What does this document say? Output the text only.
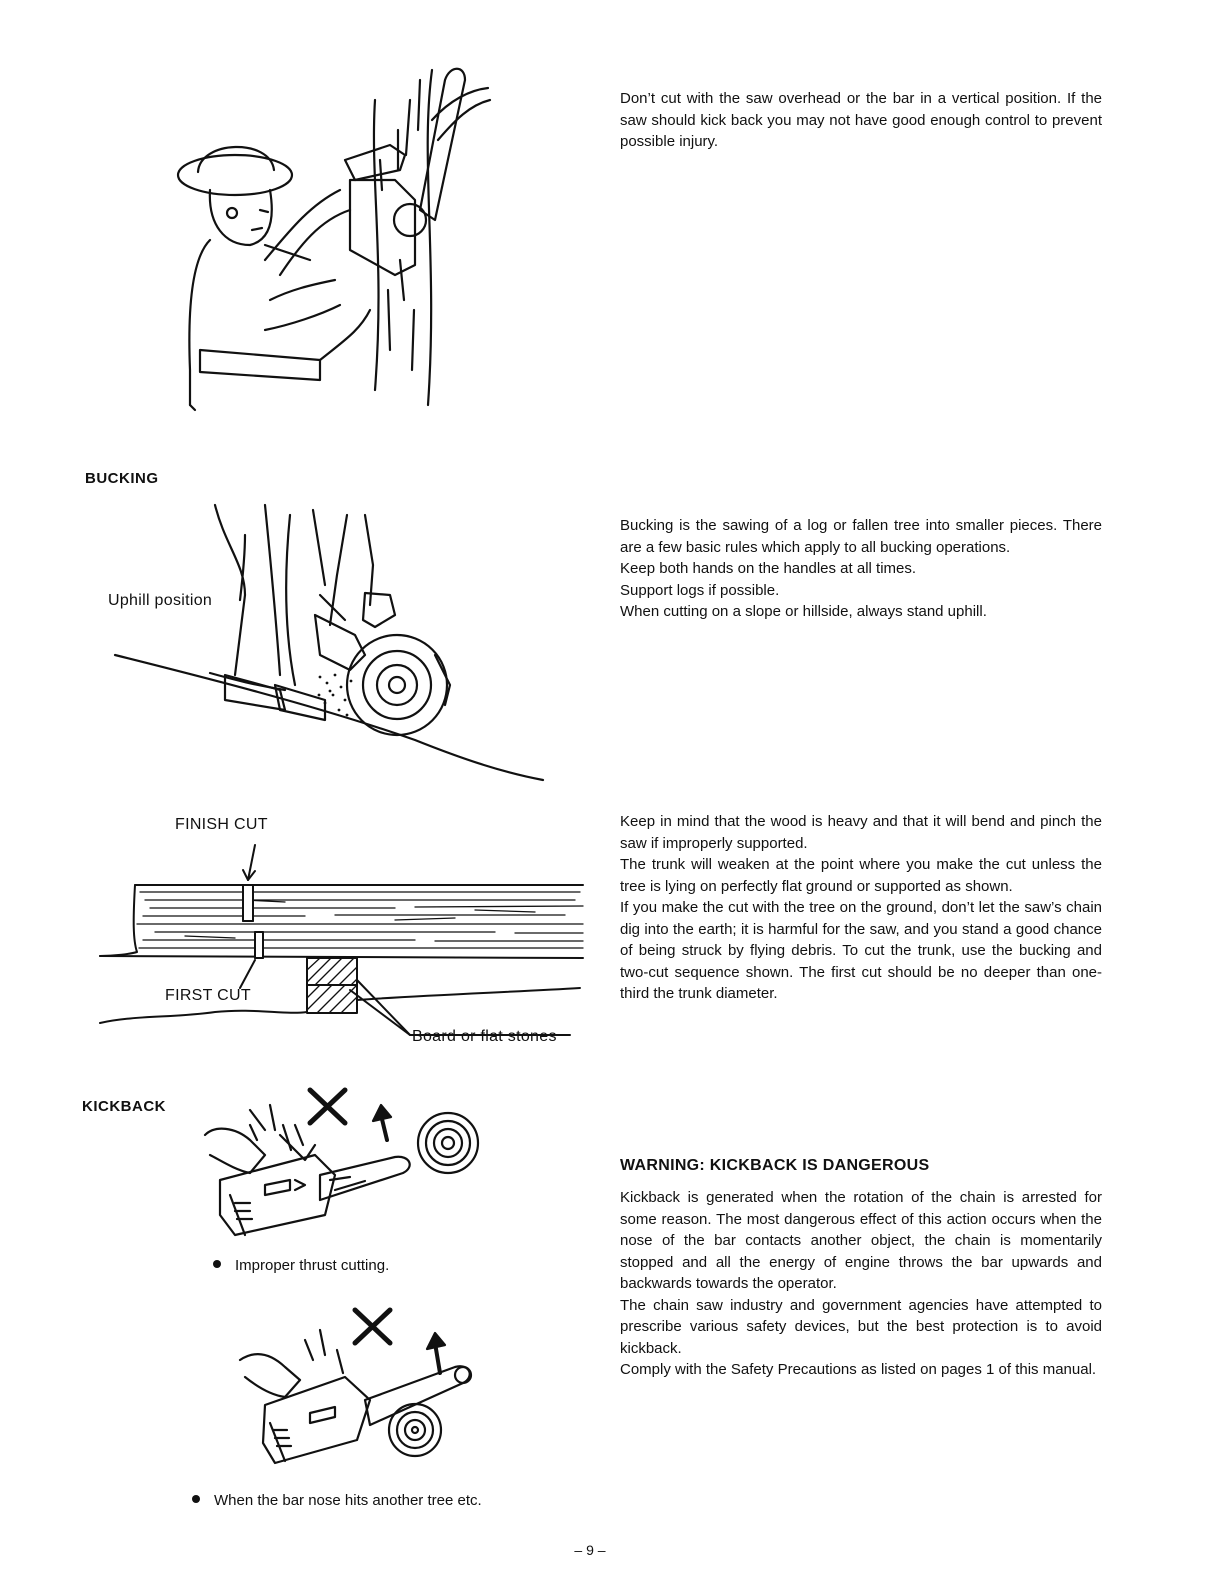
Don’t cut with the saw overhead or the bar in a vertical position. If the saw should kick back you may not have good enough control to prevent possible injury.
BUCKING
Uphill position

Bucking is the sawing of a log or fallen tree into smaller pieces. There are a few basic rules which apply to all bucking operations.

Keep both hands on the handles at all times.

Support logs if possible.

When cutting on a slope or hillside, always stand uphill.

FINISH CUT
FIRST CUT
Board or flat stones

Keep in mind that the wood is heavy and that it will bend and pinch the saw if improperly supported.

The trunk will weaken at the point where you make the cut unless the tree is lying on perfectly flat ground or supported as shown.

If you make the cut with the tree on the ground, don’t let the saw’s chain dig into the earth; it is harmful for the saw, and you stand a good chance of being struck by flying debris. To cut the trunk, use the bucking and two-cut sequence shown. The first cut should be no deeper than one-third the trunk diameter.

KICKBACK
Improper thrust cutting.
When the bar nose hits another tree etc.
WARNING: KICKBACK IS DANGEROUS

Kickback is generated when the rotation of the chain is arrested for some reason. The most dangerous effect of this action occurs when the nose of the bar contacts another object, the chain is momentarily stopped and all the energy of engine throws the bar upwards and backwards towards the operator.

The chain saw industry and government agencies have attempted to prescribe various safety devices, but the best protection is to avoid kickback.

Comply with the Safety Precautions as listed on pages 1 of this manual.

– 9 –
